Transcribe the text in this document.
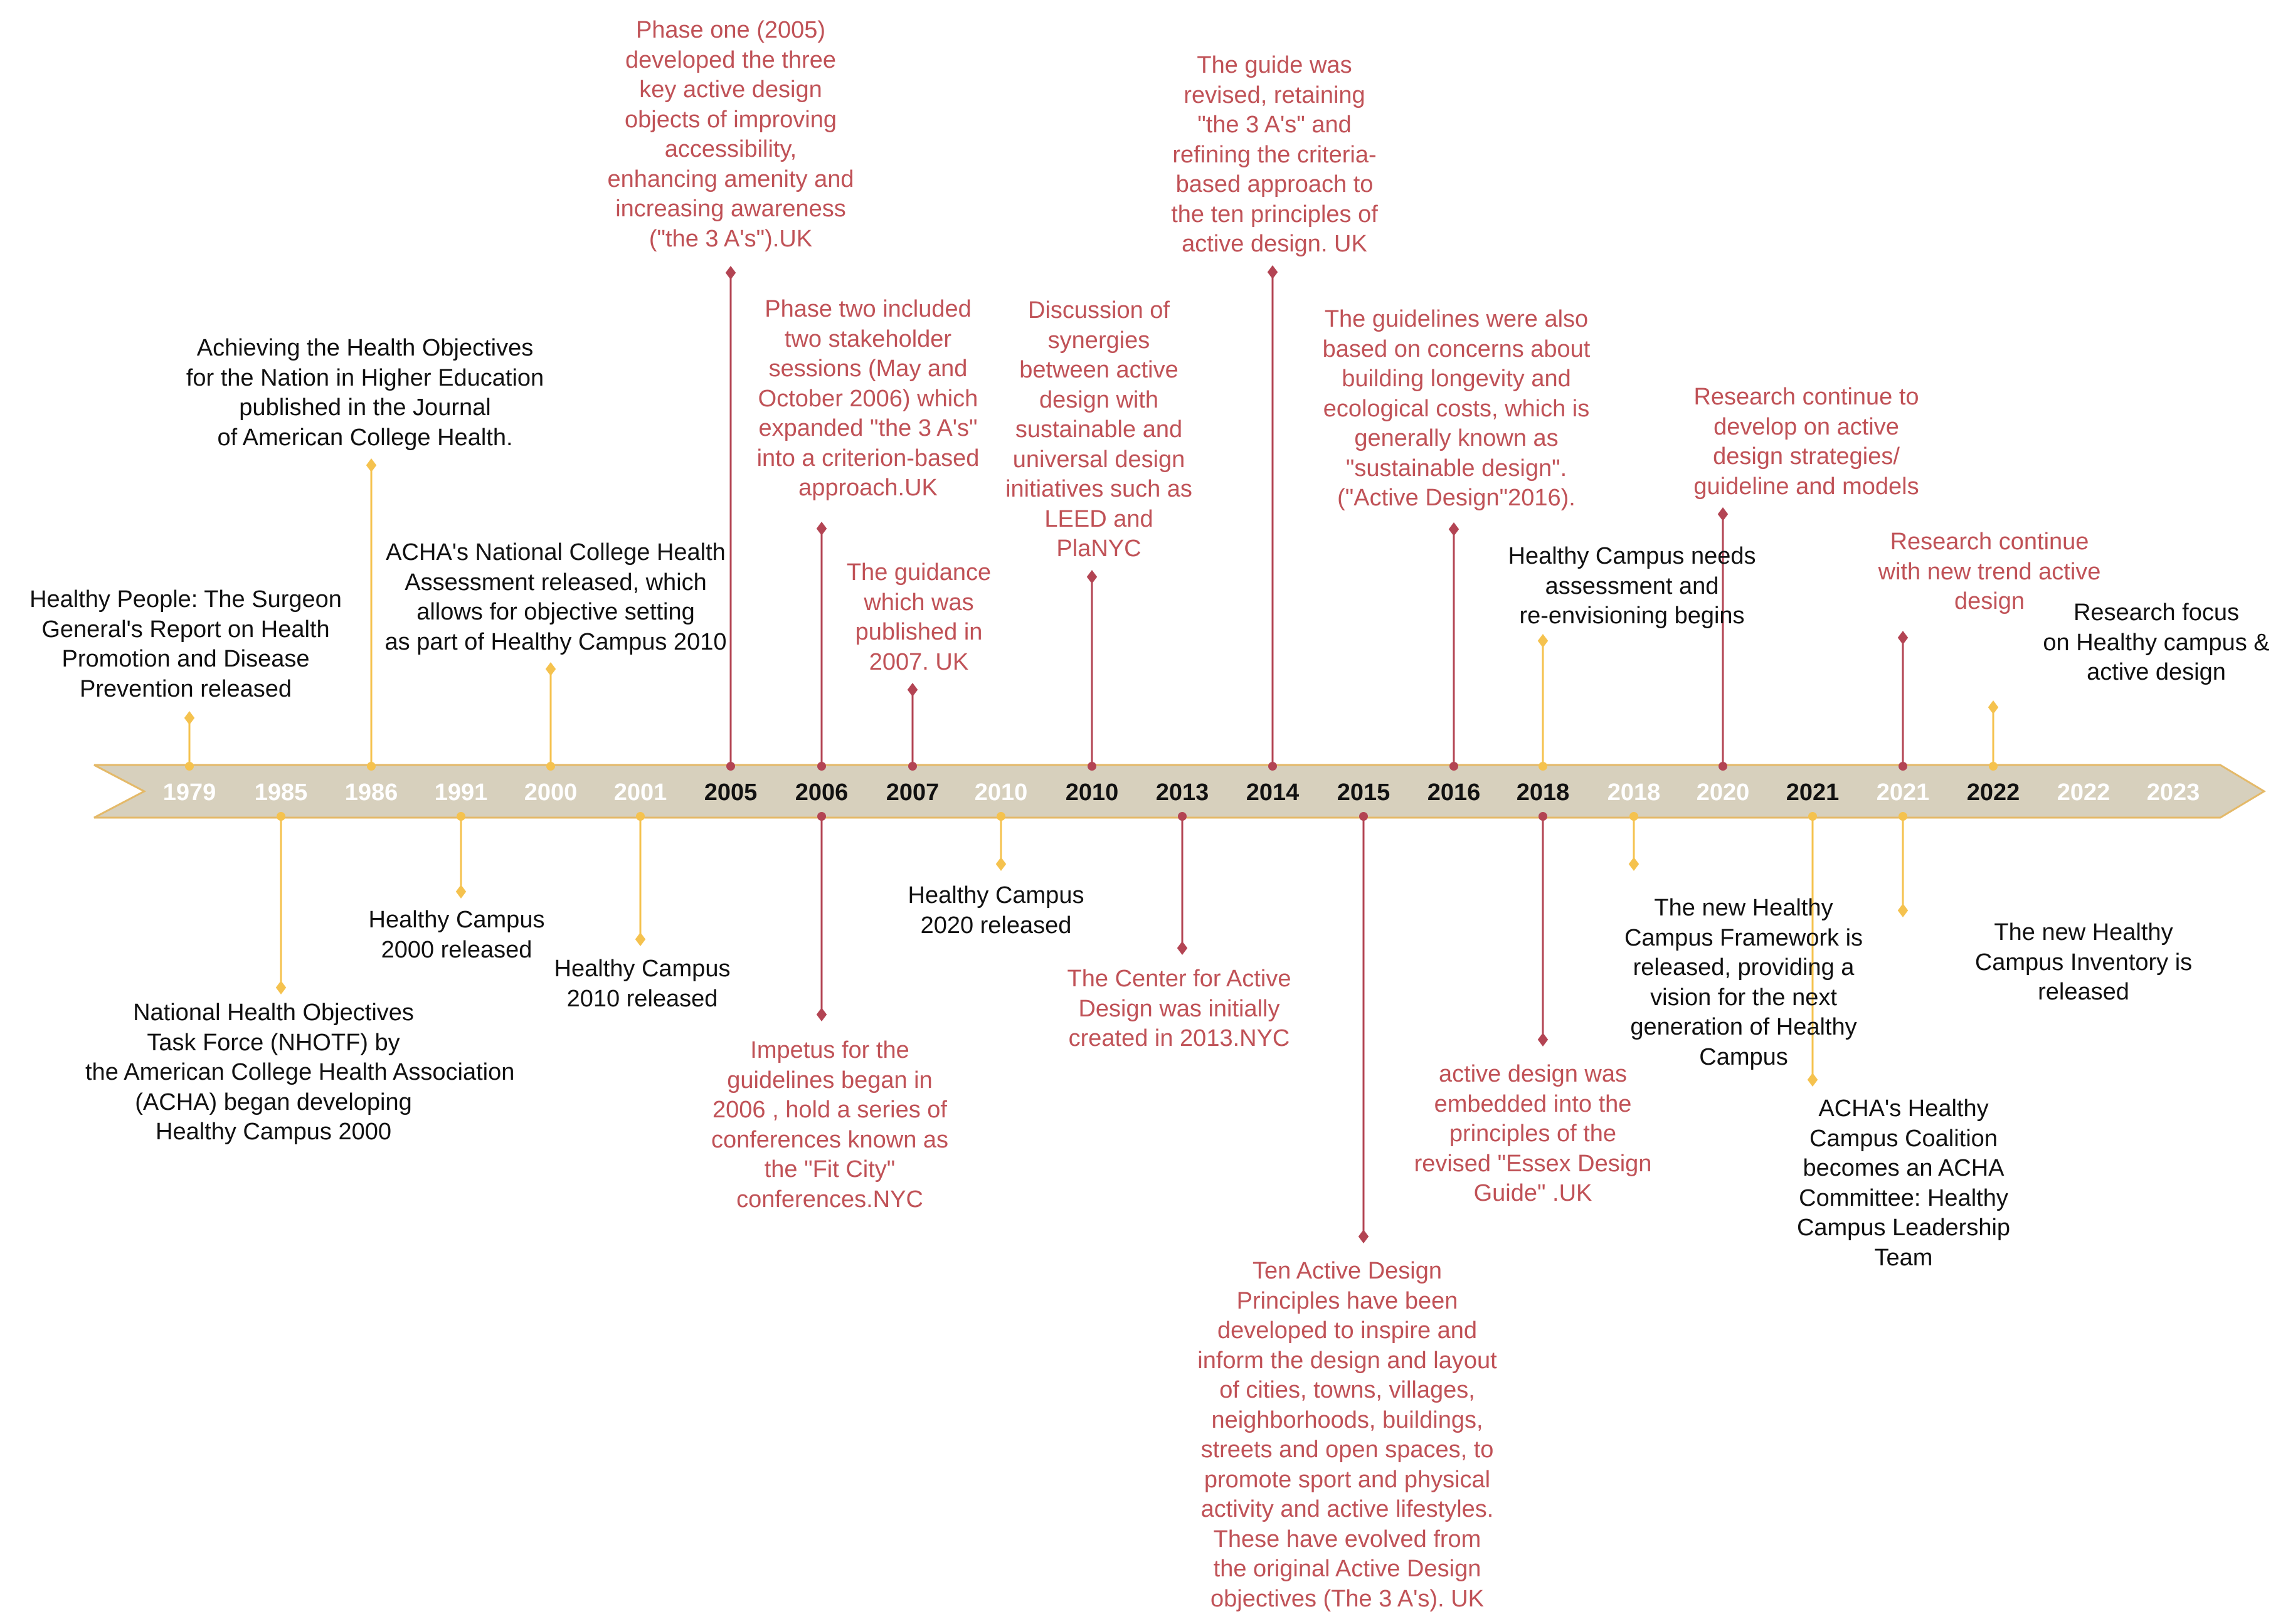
1979 1985 1986 1991 2000 2001 2005 2006 2007 2010 2010 2013 2014 2015 2016 2018 2018 2020 2021 2021 2022 2022 2023
Healthy People: The Surgeon
General's Report on Health
Promotion and Disease
Prevention released
National Health Objectives
Task Force (NHOTF) by
the American College Health Association
(ACHA) began developing
Healthy Campus 2000
Achieving the Health Objectives
for the Nation in Higher Education
published in the Journal
of American College Health.
Healthy Campus
2000 released
ACHA's National College Health
Assessment released, which
allows for objective setting
as part of Healthy Campus 2010
Healthy Campus
2010 released
Phase one (2005)
developed the three
key active design
objects of improving
accessibility,
enhancing amenity and
increasing awareness
("the 3 A's").UK
Phase two included
two stakeholder
sessions (May and
October 2006) which
expanded "the 3 A's"
into a criterion-based
approach.UK
Impetus for the
guidelines began in
2006 , hold a series of
conferences known as
the "Fit City"
conferences.NYC
The guidance
which was
published in
2007. UK
Healthy Campus
2020 released
Discussion of
synergies
between active
design with
sustainable and
universal design
initiatives such as
LEED and
PlaNYC
The Center for Active
Design was initially
created in 2013.NYC
The guide was
revised, retaining
"the 3 A's" and
refining the criteria-
based approach to
the ten principles of
active design. UK
Ten Active Design
Principles have been
developed to inspire and
inform the design and layout
of cities, towns, villages,
neighborhoods, buildings,
streets and open spaces, to
promote sport and physical
activity and active lifestyles.
These have evolved from
the original Active Design
objectives (The 3 A's). UK
The guidelines were also
based on concerns about
building longevity and
ecological costs, which is
generally known as
"sustainable design".
("Active Design"2016).
active design was
embedded into the
principles of the
revised "Essex Design
Guide" .UK
Healthy Campus needs
assessment and
re-envisioning begins
The new Healthy
Campus Framework is
released, providing a
vision for the next
generation of Healthy
Campus
Research continue to
develop on active
design strategies/
guideline and models
ACHA's Healthy
Campus Coalition
becomes an ACHA
Committee: Healthy
Campus Leadership
Team
Research continue
with new trend active
design
The new Healthy
Campus Inventory is
released
Research focus
on Healthy campus &
active design
